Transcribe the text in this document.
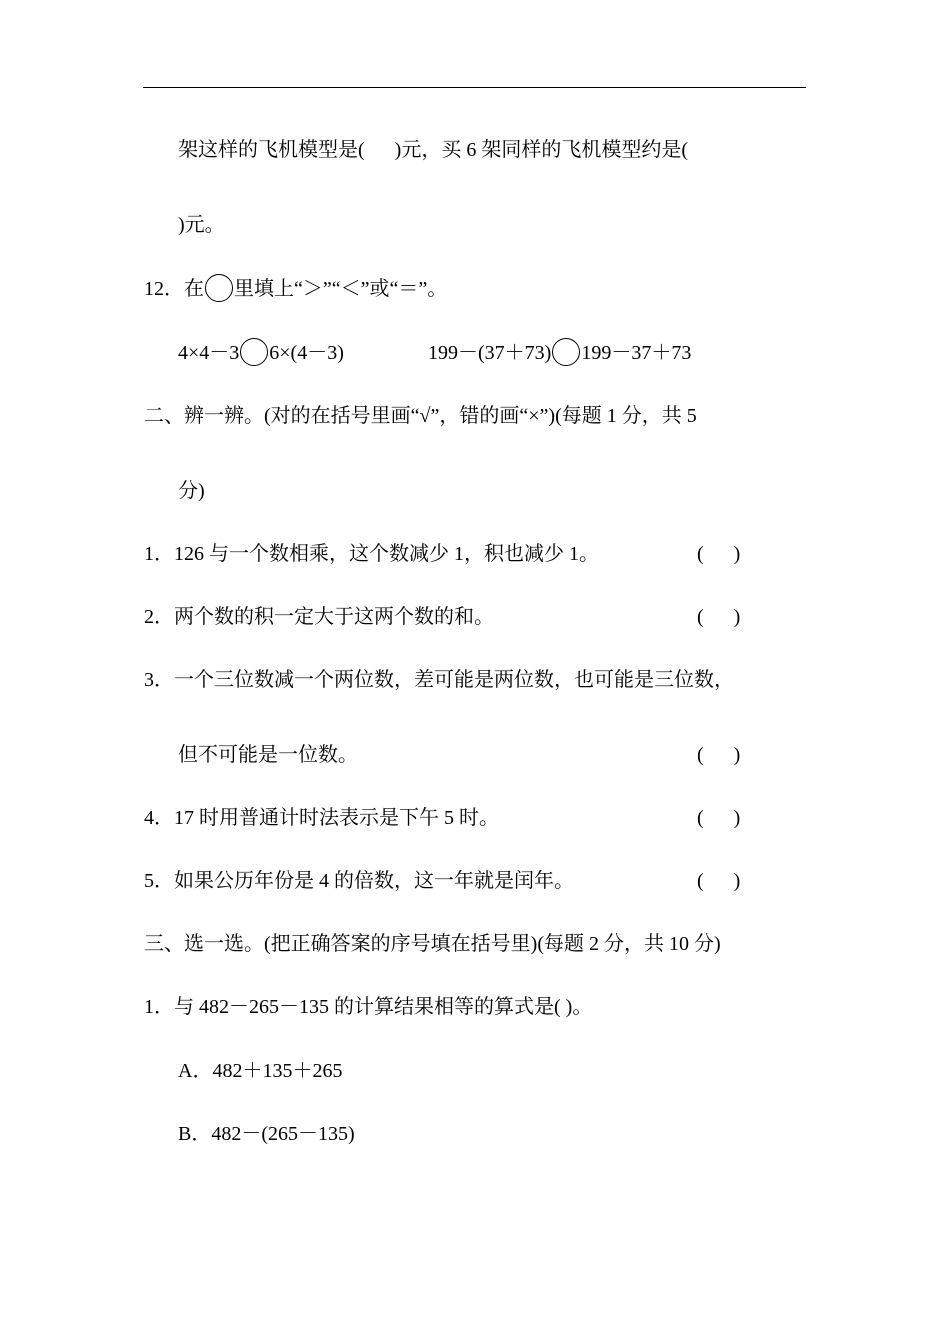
架这样的飞机模型是( )元，买 6 架同样的飞机模型约是(
)元。
12．在 里填上“＞”“＜”或“＝”。
4×4－3 6×(4－3)	199－(37＋73) 199－37＋73
二、辨一辨。(对的在括号里画“√”，错的画“×”)(每题 1 分，共 5
分)
1．126 与一个数相乘，这个数减少 1，积也减少 1。	(      )
2．两个数的积一定大于这两个数的和。	(      )
3．一个三位数减一个两位数，差可能是两位数，也可能是三位数，
但不可能是一位数。	(      )
4．17 时用普通计时法表示是下午 5 时。	(      )
5．如果公历年份是 4 的倍数，这一年就是闰年。	(      )
三、选一选。(把正确答案的序号填在括号里)(每题 2 分，共 10 分)
1．与 482－265－135 的计算结果相等的算式是( )。
A．482＋135＋265
B．482－(265－135)
